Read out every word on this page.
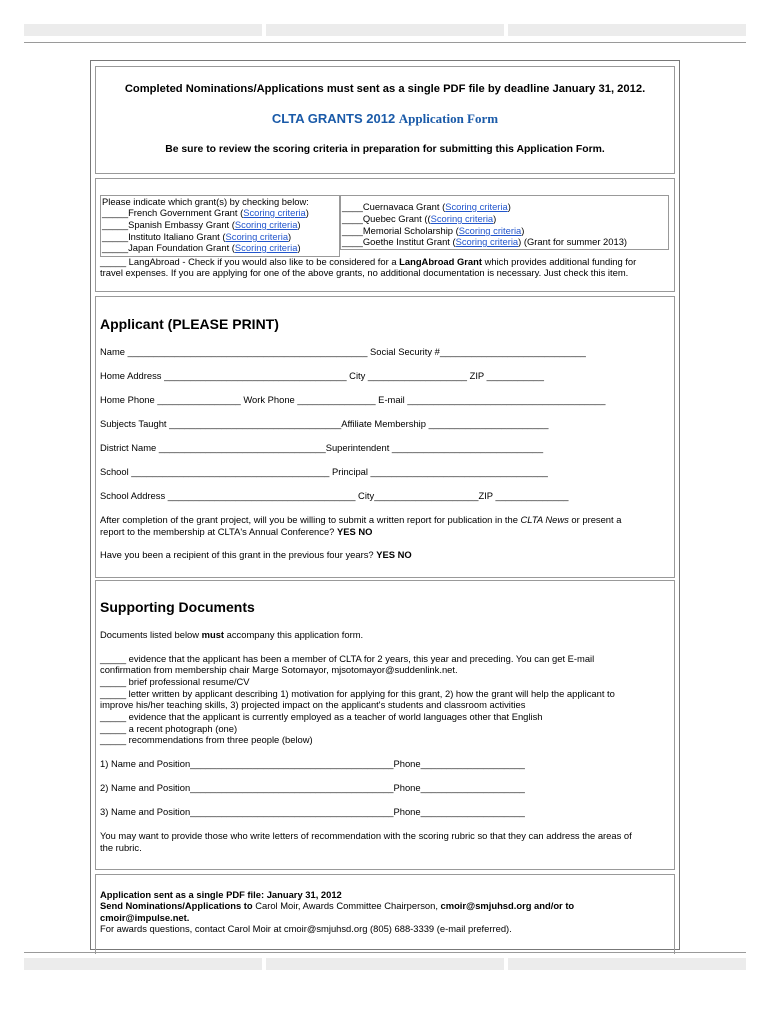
Completed Nominations/Applications must sent as a single PDF file by deadline January 31, 2012.
CLTA GRANTS 2012 Application Form
Be sure to review the scoring criteria in preparation for submitting this Application Form.
Please indicate which grant(s) by checking below:
_____French Government Grant (Scoring criteria)
_____Spanish Embassy Grant (Scoring criteria)
_____Instituto Italiano Grant (Scoring criteria)
_____Japan Foundation Grant (Scoring criteria)
____Cuernavaca Grant (Scoring criteria)
____Quebec Grant ((Scoring criteria)
____Memorial Scholarship (Scoring criteria)
____Goethe Institut Grant (Scoring criteria) (Grant for summer 2013)
_____ LangAbroad - Check if you would also like to be considered for a LangAbroad Grant which provides additional funding for
travel expenses. If you are applying for one of the above grants, no additional documentation is necessary. Just check this item.
Applicant (PLEASE PRINT)
Name ______________________________________________ Social Security #____________________________
Home Address ___________________________________ City ___________________ ZIP ___________
Home Phone ________________ Work Phone _______________ E-mail ______________________________________
Subjects Taught _________________________________Affiliate Membership _______________________
District Name ________________________________Superintendent _____________________________
School ______________________________________ Principal __________________________________
School Address ____________________________________ City____________________ZIP ______________
After completion of the grant project, will you be willing to submit a written report for publication in the CLTA News or present a
report to the membership at CLTA's Annual Conference? YES NO
Have you been a recipient of this grant in the previous four years? YES NO
Supporting Documents
Documents listed below must accompany this application form.
_____ evidence that the applicant has been a member of CLTA for 2 years, this year and preceding. You can get E-mail
confirmation from membership chair Marge Sotomayor, mjsotomayor@suddenlink.net.
_____ brief professional resume/CV
_____ letter written by applicant describing 1) motivation for applying for this grant, 2) how the grant will help the applicant to
improve his/her teaching skills, 3) projected impact on the applicant's students and classroom activities
_____ evidence that the applicant is currently employed as a teacher of world languages other that English
_____ a recent photograph (one)
_____ recommendations from three people (below)
1) Name and Position_______________________________________Phone____________________
2) Name and Position_______________________________________Phone____________________
3) Name and Position_______________________________________Phone____________________
You may want to provide those who write letters of recommendation with the scoring rubric so that they can address the areas of
the rubric.
Application sent as a single PDF file: January 31, 2012
Send Nominations/Applications to Carol Moir, Awards Committee Chairperson, cmoir@smjuhsd.org and/or to
cmoir@impulse.net.
For awards questions, contact Carol Moir at cmoir@smjuhsd.org (805) 688-3339 (e-mail preferred).
